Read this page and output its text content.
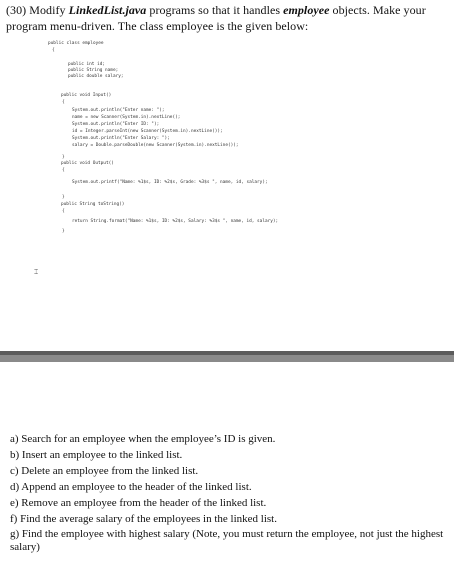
(30) Modify LinkedList.java programs so that it handles employee objects. Make your program menu-driven. The class employee is the given below:
public class employee
{
public int id;
public String name;
public double salary;
public void Input()
{
System.out.println("Enter name: ");
name = new Scanner(System.in).nextLine();
System.out.println("Enter ID: ");
id = Integer.parseInt(new Scanner(System.in).nextLine());
System.out.println("Enter Salary: ");
salary = Double.parseDouble(new Scanner(System.in).nextLine());
}
public void Output()
{
System.out.printf("Name: %1$s, ID: %2$s, Grade: %3$s ", name, id, salary);
}
public String toString()
{
return String.format("Name: %1$s, ID: %2$s, Salary: %3$s ", name, id, salary);
}
⌶
a) Search for an employee when the employee’s ID is given.
b) Insert an employee to the linked list.
c) Delete an employee from the linked list.
d) Append an employee to the header of the linked list.
e) Remove an employee from the header of the linked list.
f) Find the average salary of the employees in the linked list.
g) Find the employee with highest salary (Note, you must return the employee, not just the highest salary)
